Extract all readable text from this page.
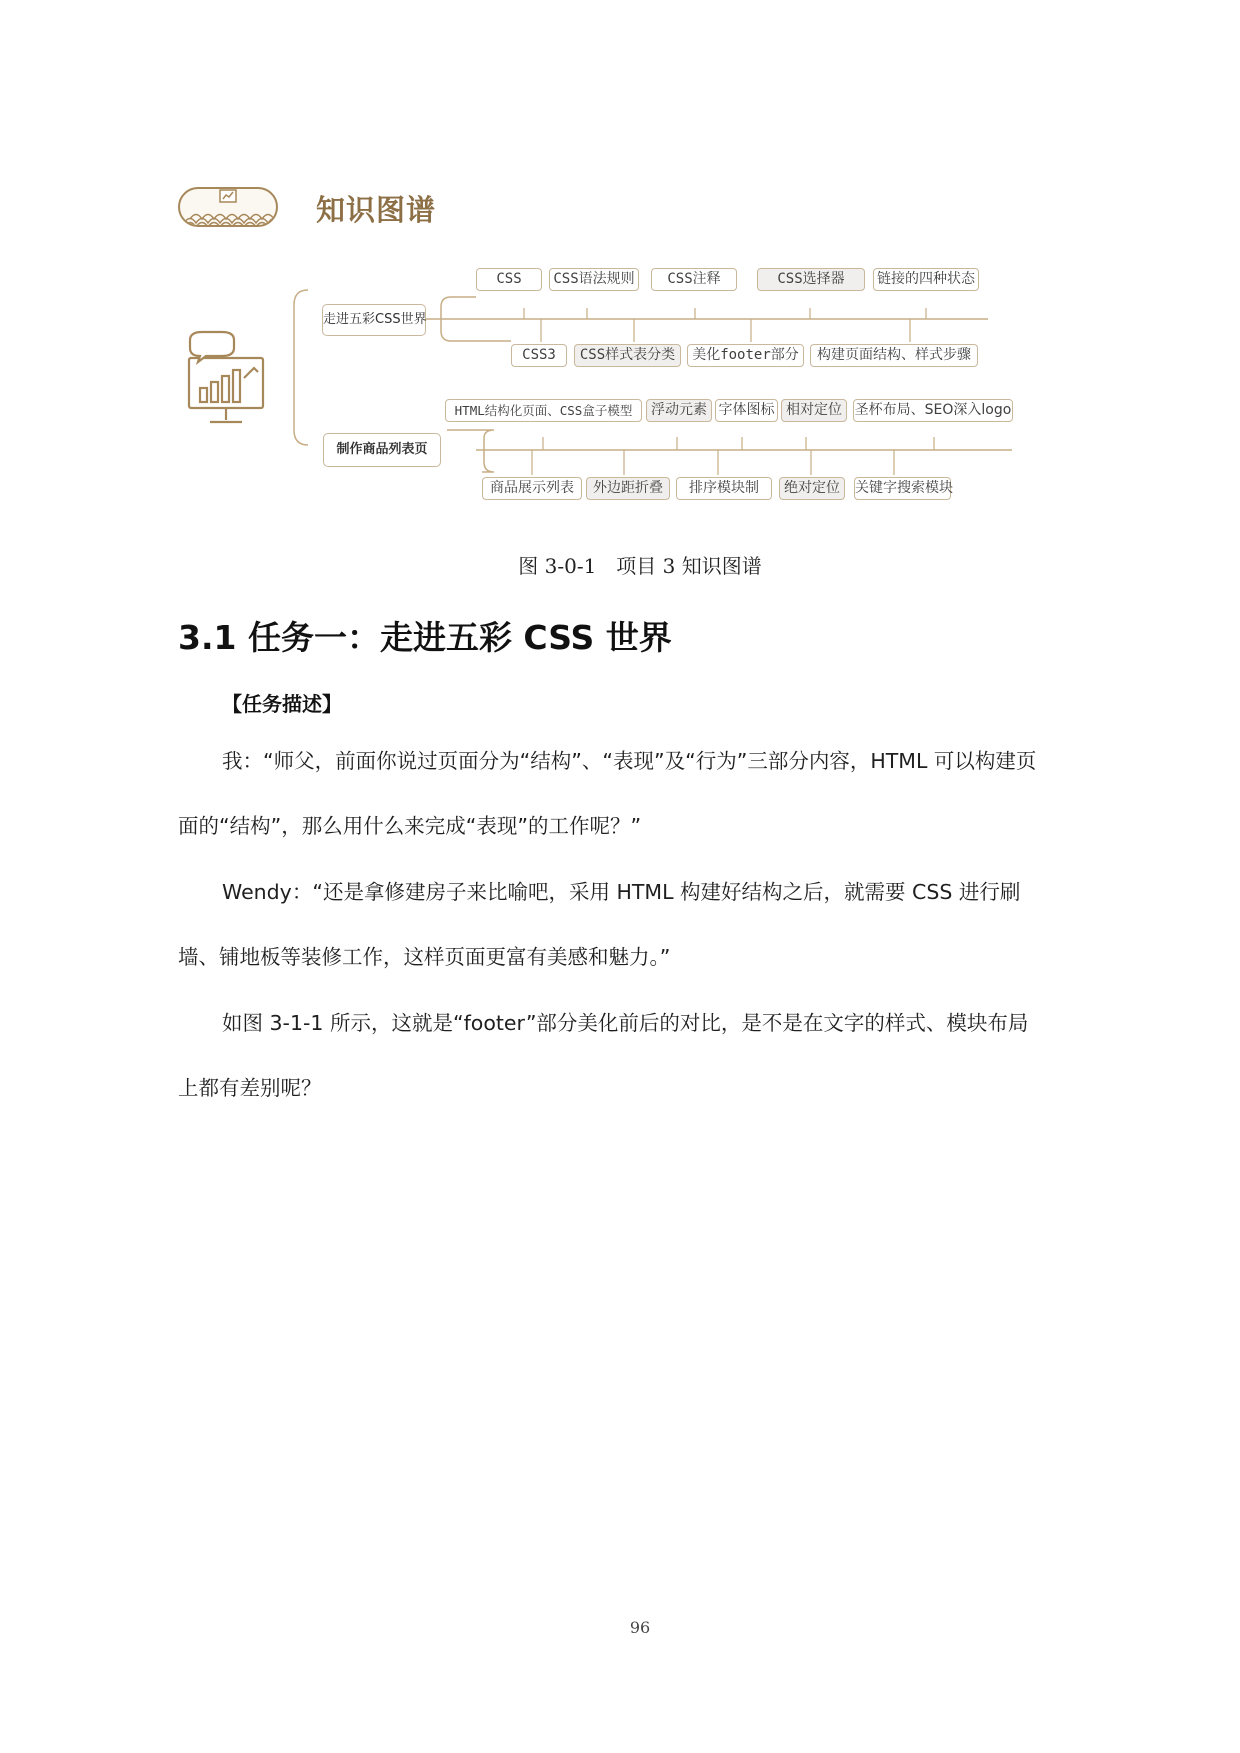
知识图谱
走进五彩CSS世界
制作商品列表页
CSS	CSS语法规则	CSS注释	CSS选择器	链接的四种状态
CSS3	CSS样式表分类	美化footer部分	构建页面结构、样式步骤
HTML结构化页面、CSS盒子模型	浮动元素 字体图标 相对定位 圣杯布局、SEO深入logo
商品展示列表	外边距折叠	排序模块制	绝对定位	关键字搜索模块
图 3-0-1　项目 3 知识图谱
3.1 任务一：走进五彩 CSS 世界
【任务描述】
我：“师父，前面你说过页面分为“结构”、“表现”及“行为”三部分内容，HTML 可以构建页
面的“结构”，那么用什么来完成“表现”的工作呢？”
Wendy：“还是拿修建房子来比喻吧，采用 HTML 构建好结构之后，就需要 CSS 进行刷
墙、铺地板等装修工作，这样页面更富有美感和魅力。”
如图 3-1-1 所示，这就是“footer”部分美化前后的对比，是不是在文字的样式、模块布局
上都有差别呢？
96
